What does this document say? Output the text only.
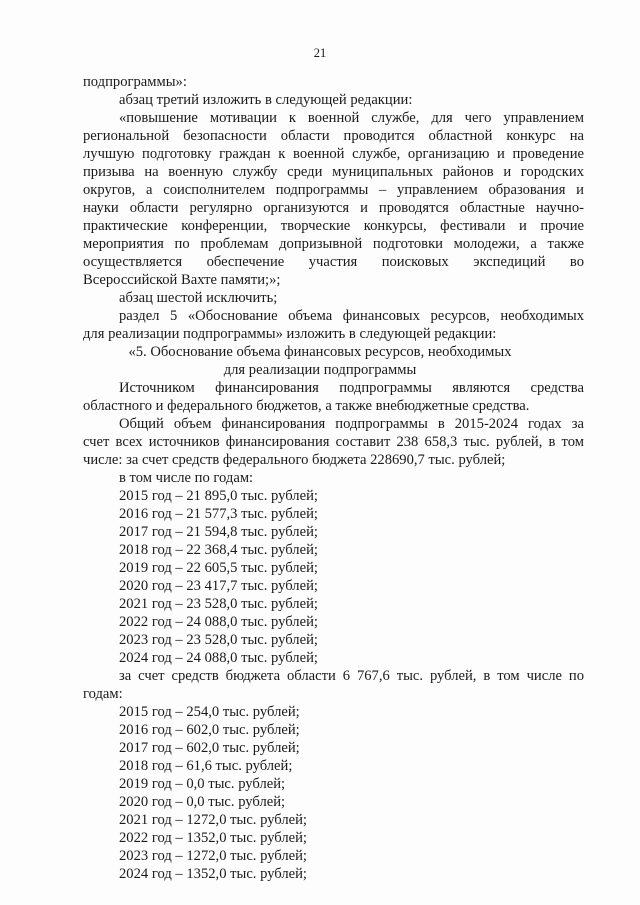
21
подпрограммы»:
абзац третий изложить в следующей редакции:
«повышение мотивации к военной службе, для чего управлением
региональной безопасности области проводится областной конкурс на
лучшую подготовку граждан к военной службе, организацию и проведение
призыва на военную службу среди муниципальных районов и городских
округов, а соисполнителем подпрограммы – управлением образования и
науки области регулярно организуются и проводятся областные научно-
практические конференции, творческие конкурсы, фестивали и прочие
мероприятия по проблемам допризывной подготовки молодежи, а также
осуществляется обеспечение участия поисковых экспедиций во
Всероссийской Вахте памяти;»;
абзац шестой исключить;
раздел 5 «Обоснование объема финансовых ресурсов, необходимых
для реализации подпрограммы» изложить в следующей редакции:
«5. Обоснование объема финансовых ресурсов, необходимых
для реализации подпрограммы
Источником финансирования подпрограммы являются средства
областного и федерального бюджетов, а также внебюджетные средства.
Общий объем финансирования подпрограммы в 2015-2024 годах за
счет всех источников финансирования составит 238 658,3 тыс. рублей, в том
числе: за счет средств федерального бюджета 228690,7 тыс. рублей;
в том числе по годам:
2015 год – 21 895,0 тыс. рублей;
2016 год – 21 577,3 тыс. рублей;
2017 год – 21 594,8 тыс. рублей;
2018 год – 22 368,4 тыс. рублей;
2019 год – 22 605,5 тыс. рублей;
2020 год – 23 417,7 тыс. рублей;
2021 год – 23 528,0 тыс. рублей;
2022 год – 24 088,0 тыс. рублей;
2023 год – 23 528,0 тыс. рублей;
2024 год – 24 088,0 тыс. рублей;
за счет средств бюджета области 6 767,6 тыс. рублей, в том числе по
годам:
2015 год – 254,0 тыс. рублей;
2016 год – 602,0 тыс. рублей;
2017 год – 602,0 тыс. рублей;
2018 год – 61,6 тыс. рублей;
2019 год – 0,0 тыс. рублей;
2020 год – 0,0 тыс. рублей;
2021 год – 1272,0 тыс. рублей;
2022 год – 1352,0 тыс. рублей;
2023 год – 1272,0 тыс. рублей;
2024 год – 1352,0 тыс. рублей;
